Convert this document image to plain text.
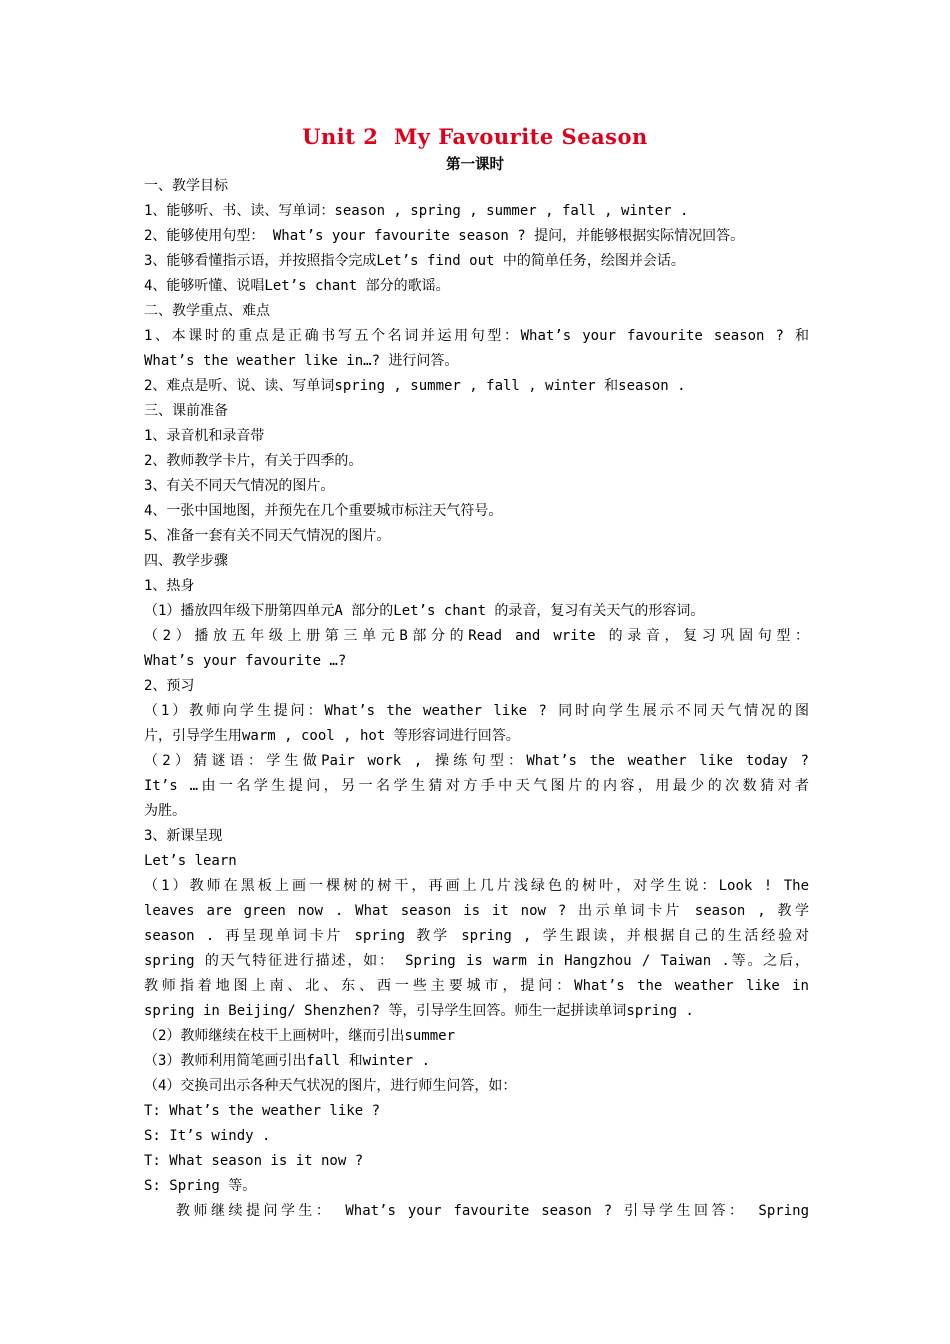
Unit 2  My Favourite Season
第一课时
一、教学目标
1、能够听、书、读、写单词：season , spring , summer , fall , winter .
2、能够使用句型： What’s your favourite season ? 提问，并能够根据实际情况回答。
3、能够看懂指示语，并按照指令完成Let’s find out 中的简单任务，绘图并会话。
4、能够听懂、说唱Let’s chant 部分的歌谣。
二、教学重点、难点
1、本课时的重点是正确书写五个名词并运用句型：What’s your favourite season ? 和
What’s the weather like in…? 进行问答。
2、难点是听、说、读、写单词spring , summer , fall , winter 和season .
三、课前准备
1、录音机和录音带
2、教师教学卡片，有关于四季的。
3、有关不同天气情况的图片。
4、一张中国地图，并预先在几个重要城市标注天气符号。
5、准备一套有关不同天气情况的图片。
四、教学步骤
1、热身
（1）播放四年级下册第四单元A 部分的Let’s chant 的录音，复习有关天气的形容词。
（2）播放五年级上册第三单元B部分的Read and write 的录音，复习巩固句型：
What’s your favourite …?
2、预习
（1）教师向学生提问：What’s the weather like ? 同时向学生展示不同天气情况的图
片，引导学生用warm , cool , hot 等形容词进行回答。
（2）猜谜语：学生做Pair work , 操练句型：What’s the weather like today ?
It’s …由一名学生提问，另一名学生猜对方手中天气图片的内容，用最少的次数猜对者
为胜。
3、新课呈现
Let’s learn
（1）教师在黑板上画一棵树的树干，再画上几片浅绿色的树叶，对学生说：Look ! The
leaves are green now . What season is it now ? 出示单词卡片 season , 教学
season . 再呈现单词卡片 spring 教学 spring , 学生跟读，并根据自己的生活经验对
spring 的天气特征进行描述，如： Spring is warm in Hangzhou / Taiwan .等。之后，
教师指着地图上南、北、东、西一些主要城市，提问：What’s the weather like in
spring in Beijing/ Shenzhen? 等，引导学生回答。师生一起拼读单词spring .
（2）教师继续在枝干上画树叶，继而引出summer
（3）教师利用简笔画引出fall 和winter .
（4）交换司出示各种天气状况的图片，进行师生问答，如：
T: What’s the weather like ?
S: It’s windy .
T: What season is it now ?
S: Spring 等。
教师继续提问学生： What’s your favourite season ? 引导学生回答： Spring
